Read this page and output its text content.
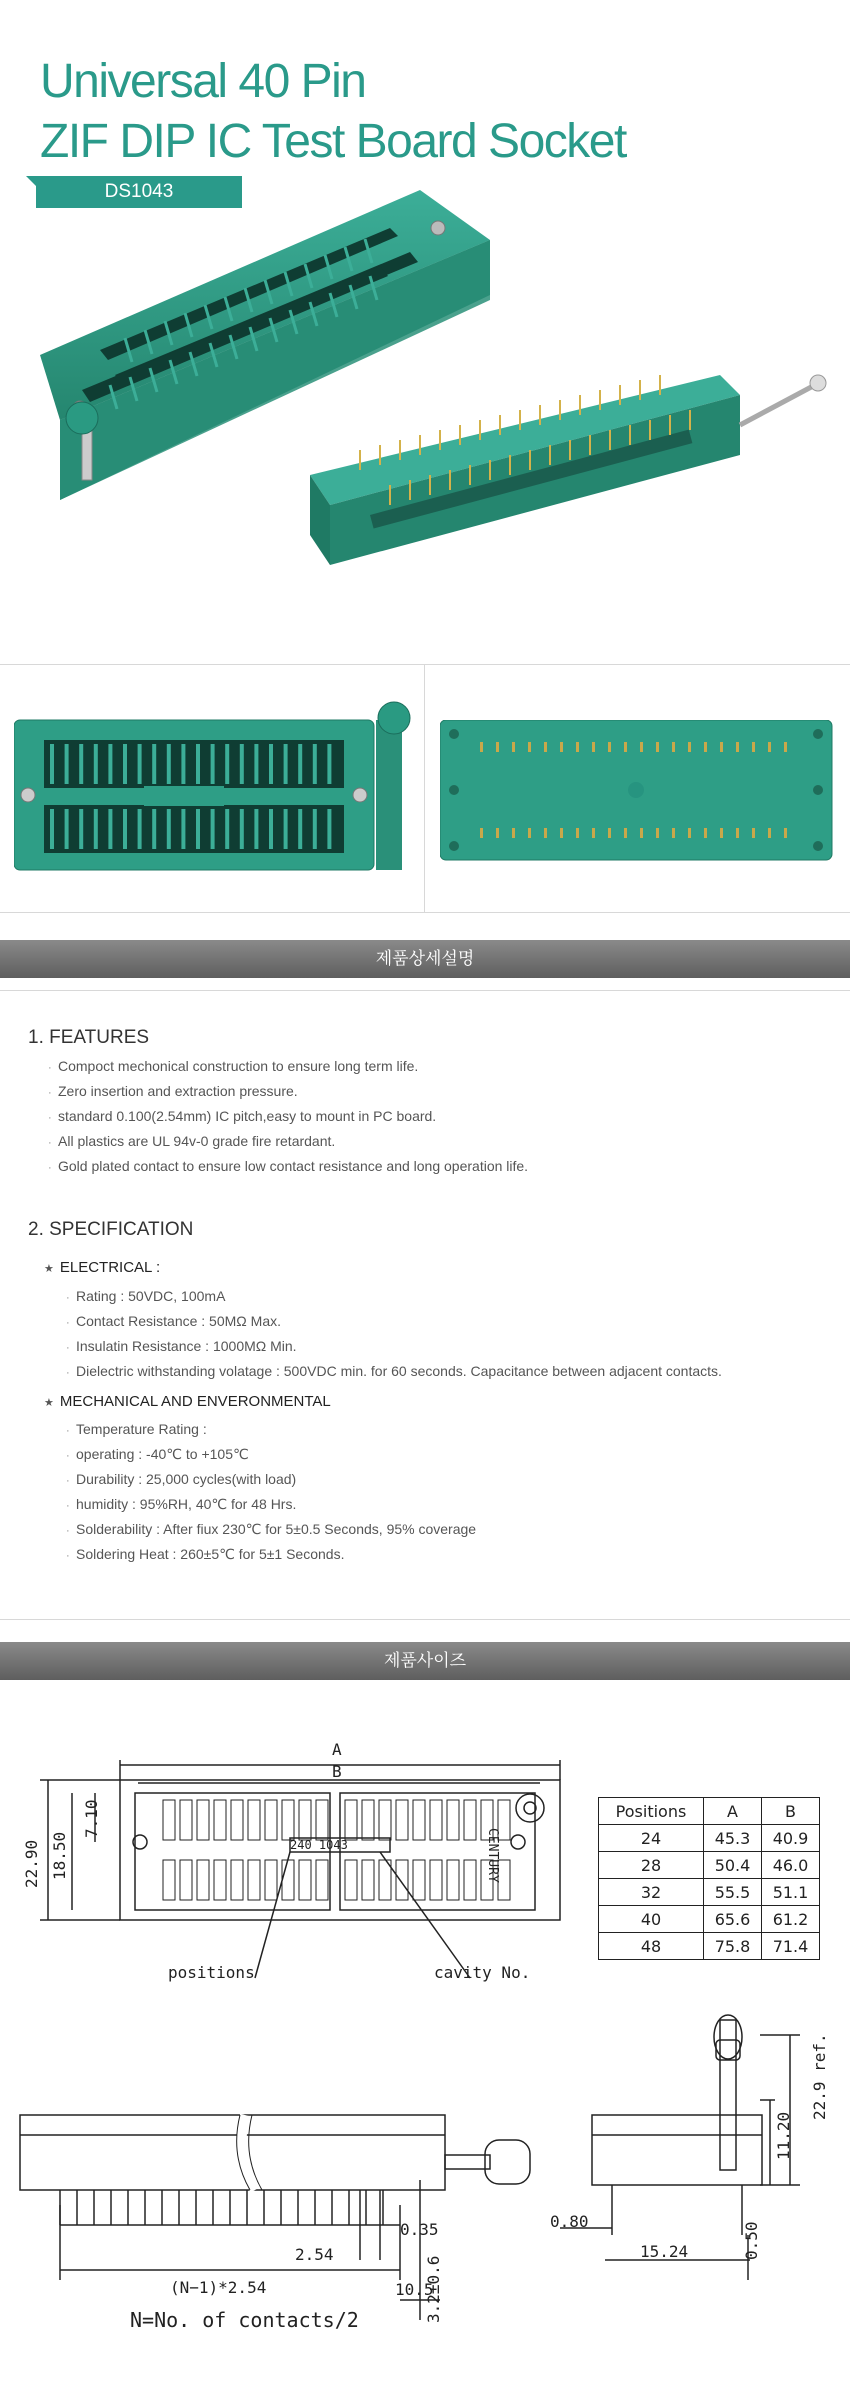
Universal 40 Pin
ZIF DIP IC Test Board Socket
DS1043
제품상세설명
1. FEATURES
· Compoct mechonical construction to ensure long term life.
· Zero insertion and extraction pressure.
· standard 0.100(2.54mm) IC pitch,easy to mount in PC board.
· All plastics are UL 94v-0 grade fire retardant.
· Gold plated contact to ensure low contact resistance and long operation life.
2. SPECIFICATION
★ ELECTRICAL :
· Rating : 50VDC, 100mA
· Contact Resistance : 50MΩ Max.
· Insulatin Resistance : 1000MΩ Min.
· Dielectric withstanding volatage : 500VDC min. for 60 seconds. Capacitance between adjacent contacts.
★ MECHANICAL AND ENVERONMENTAL
· Temperature Rating :
· operating : -40℃ to +105℃
· Durability : 25,000 cycles(with load)
· humidity : 95%RH, 40℃ for 48 Hrs.
· Solderability : After fiux 230℃ for 5±0.5 Seconds, 95% coverage
· Soldering Heat : 260±5℃ for 5±1 Seconds.
제품사이즈
A
B
22.90 18.50
7.10
240 1043	CENTURY
positions	cavity No.
Positions	A	B
24	45.3	40.9
28	50.4	46.0
32	55.5	51.1
40	65.6	61.2
48	75.8	71.4
0.35
2.54
10.5
3.2±0.6
(N−1)*2.54
N=No. of contacts/2
0.80
15.24	0.50
11.20
22.9 ref.
